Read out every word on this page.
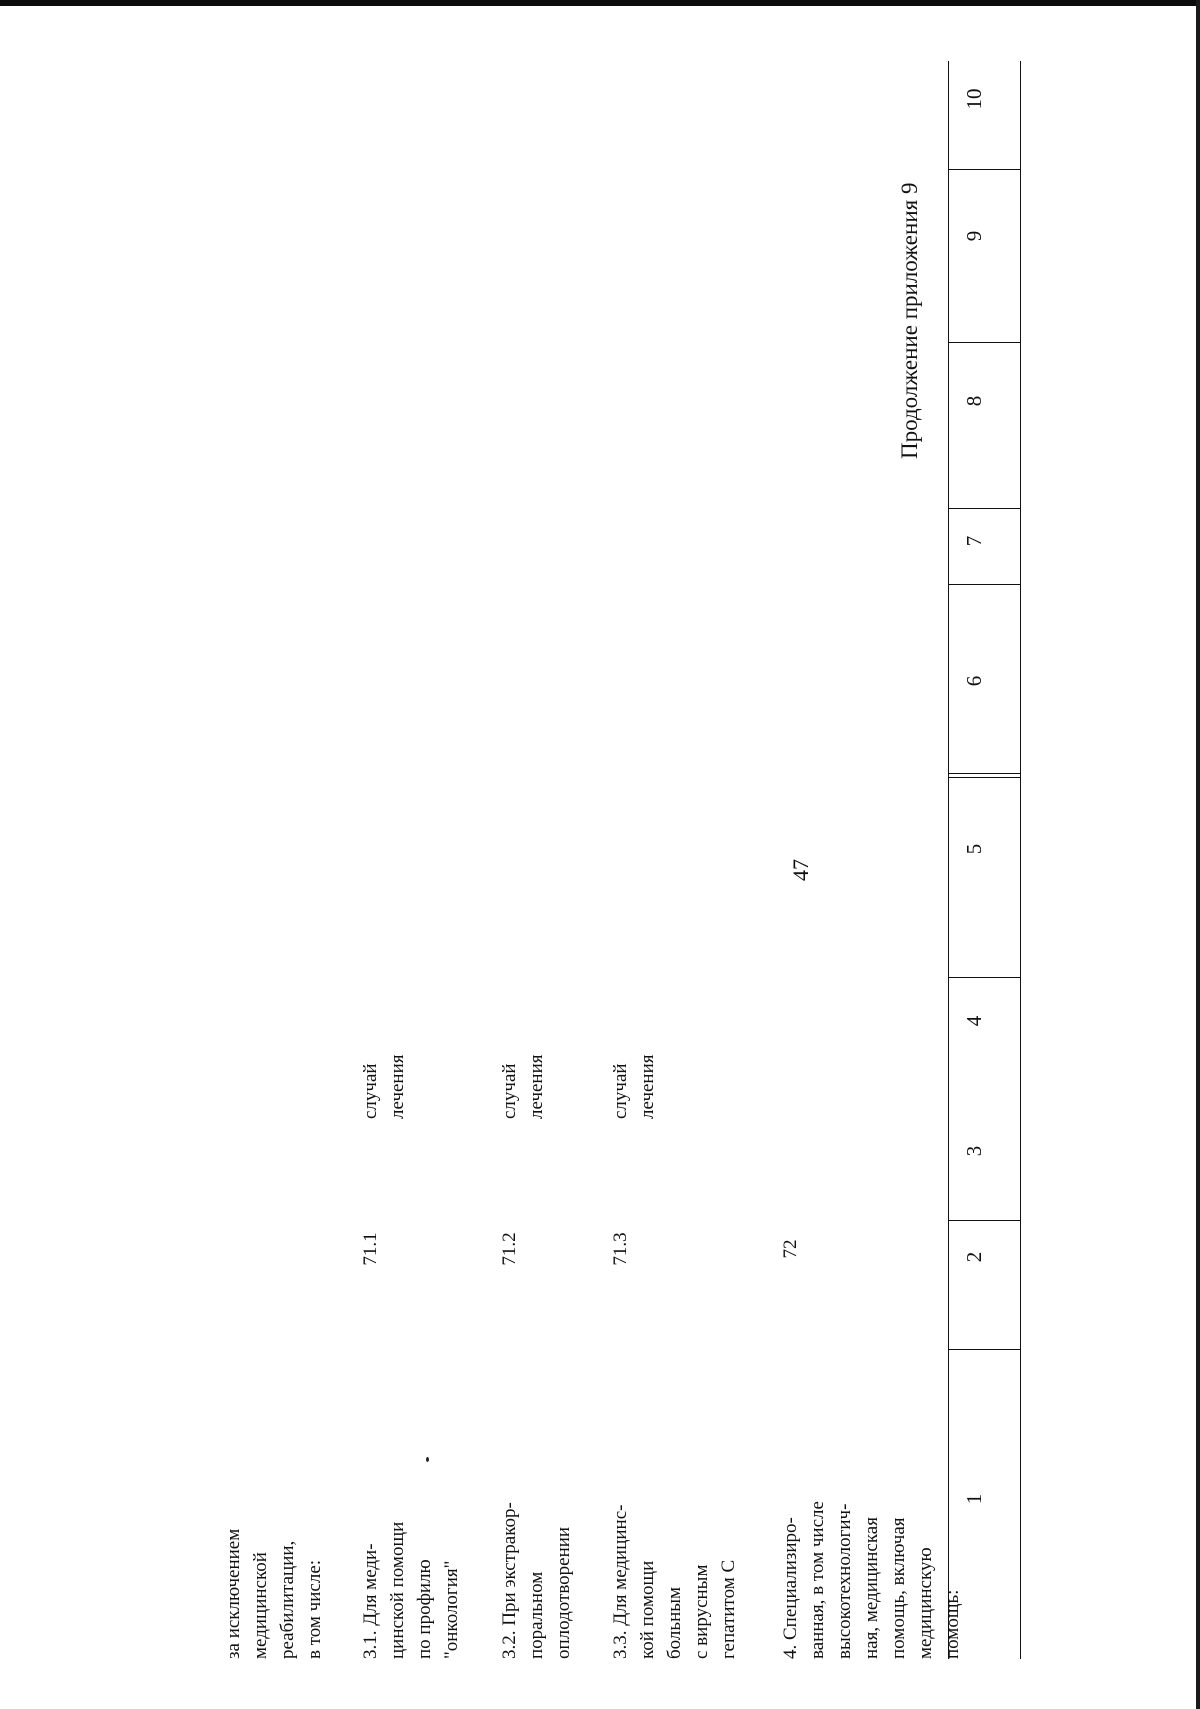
47
Продолжение приложения 9
1
2
3
4
5
6
7
8
9
10
за исключением
медицинской
реабилитации,
в том числе:
3.1. Для меди-
цинской помощи
по профилю
"онкология"
71.1
случай
лечения
3.2. При экстракор-
поральном
оплодотворении
71.2
случай
лечения
3.3. Для медицинс-
кой помощи
больным
с вирусным
гепатитом С
71.3
случай
лечения
4. Специализиро-
ванная, в том числе
высокотехнологич-
ная, медицинская
помощь, включая
медицинскую
помощь:
72
